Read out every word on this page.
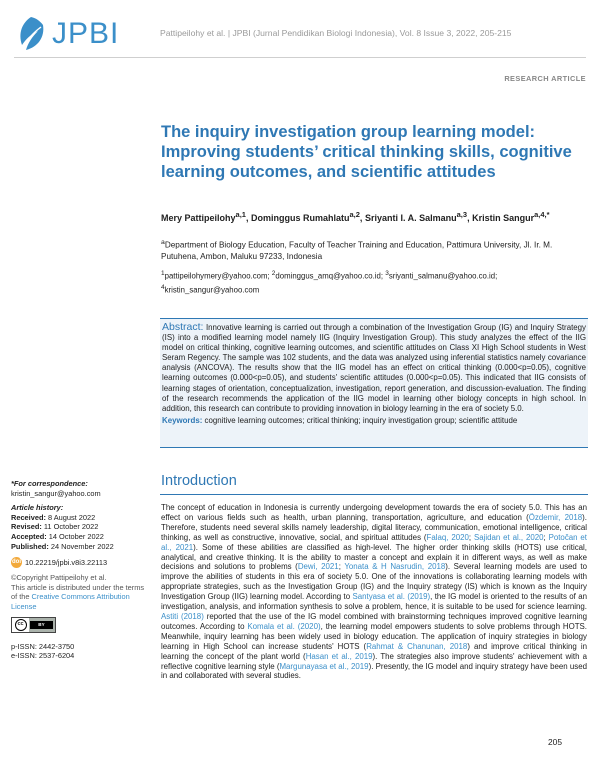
JPBI	Pattipeilohy et al. | JPBI (Jurnal Pendidikan Biologi Indonesia), Vol. 8 Issue 3, 2022, 205-215
RESEARCH ARTICLE
The inquiry investigation group learning model: Improving students’ critical thinking skills, cognitive learning outcomes, and scientific attitudes
Mery Pattipeilohy$^{a,1}$, Dominggus Rumahlatu$^{a,2}$, Sriyanti I. A. Salmanu$^{a,3}$, Kristin Sangur$^{a,4,*}$
$^a$Department of Biology Education, Faculty of Teacher Training and Education, Pattimura University, Jl. Ir. M. Putuhena, Ambon, Maluku 97233, Indonesia
$^1$pattipeilohymery@yahoo.com; $^2$dominggus_amq@yahoo.co.id; $^3$sriyanti_salmanu@yahoo.co.id; $^4$kristin_sangur@yahoo.com

Abstract: Innovative learning is carried out through a combination of the Investigation Group (IG) and Inquiry Strategy (IS) into a modified learning model namely IIG (Inquiry Investigation Group). This study analyzes the effect of the IIG model on critical thinking, cognitive learning outcomes, and scientific attitudes on Class XI High School students in West Seram Regency. The sample was 102 students, and the data was analyzed using inferential statistics namely covariance analysis (ANCOVA). The results show that the IIG model has an effect on critical thinking (0.000<p=0.05), cognitive learning outcomes (0.000<p=0.05), and students' scientific attitudes (0.000<p=0.05). This indicated that IIG consists of learning stages of orientation, conceptualization, investigation, report generation, and discussion-evaluation. The finding of the research recommends the application of the IIG model in learning other biology concepts in high school. In addition, this research can contribute to providing innovation in biology learning in the era of society 5.0.

Keywords: cognitive learning outcomes; critical thinking; inquiry investigation group; scientific attitude

*For correspondence:
kristin_sangur@yahoo.com
Article history:
Received: 8 August 2022
Revised: 11 October 2022
Accepted: 14 October 2022
Published: 24 November 2022
doi 10.22219/jpbi.v8i3.22113
©Copyright Pattipeilohy et al.
This article is distributed under the terms of the Creative Commons Attribution License
cc	BY
p-ISSN: 2442-3750
e-ISSN: 2537-6204
Introduction

The concept of education in Indonesia is currently undergoing development towards the era of society 5.0. This has an effect on various fields such as health, urban planning, transportation, agriculture, and education (Özdemir, 2018). Therefore, students need several skills namely leadership, digital literacy, communication, emotional intelligence, critical thinking, as well as constructive, innovative, social, and spiritual attitudes (Falaq, 2020; Sajidan et al., 2020; Potočan et al., 2021). Some of these abilities are classified as high-level. The higher order thinking skills (HOTS) use critical, analytical, and creative thinking. It is the ability to master a concept and explain it in different ways, as well as make decisions and solutions to problems (Dewi, 2021; Yonata & H Nasrudin, 2018). Several learning models are used to improve the abilities of students in this era of society 5.0. One of the innovations is collaborating learning models with appropriate strategies, such as the Investigation Group (IG) and the Inquiry strategy (IS) which is known as the Inquiry Investigation Group (IIG) learning model. According to Santyasa et al. (2019), the IG model is oriented to the results of an investigation, analysis, and information synthesis to solve a problem, hence, it is suitable to be used for science learning. Astiti (2018) reported that the use of the IG model combined with brainstorming techniques improved cognitive learning outcomes. According to Komala et al. (2020), the learning model empowers students to solve problems through HOTS. Meanwhile, inquiry learning has been widely used in biology education. The application of inquiry strategies in biology learning in High School can increase students' HOTS (Rahmat & Chanunan, 2018) and improve critical thinking in learning the concept of the plant world (Hasan et al., 2019). The strategies also improve students' achievement with a reflective cognitive learning style (Margunayasa et al., 2019). Presently, the IG model and inquiry strategy have been used in and collaborated with several studies.

205
